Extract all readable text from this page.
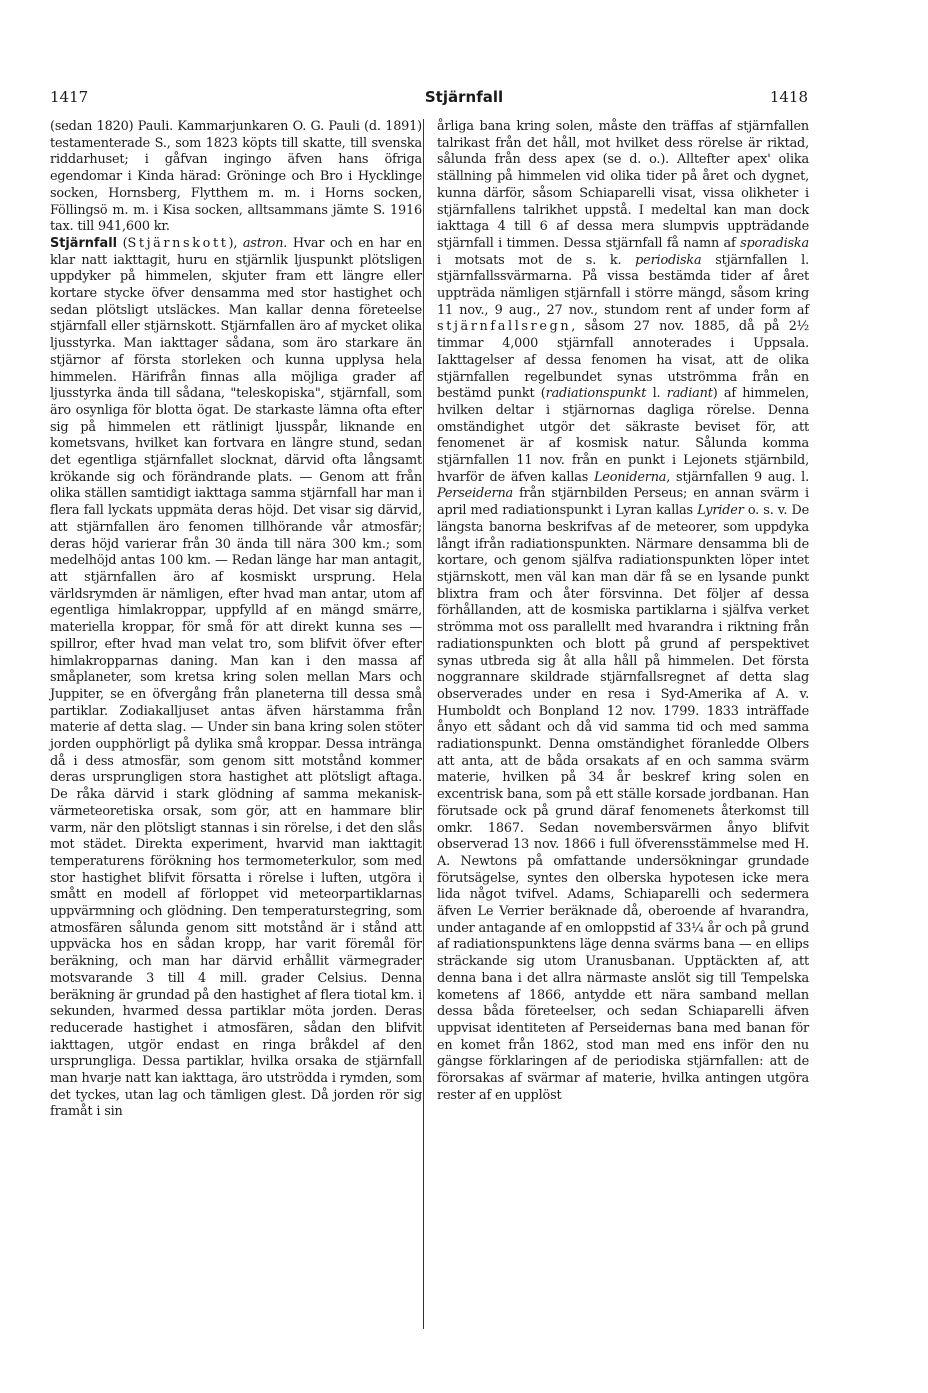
1417	Stjärnfall	1418

(sedan 1820) Pauli. Kammarjunkaren O. G. Pauli (d. 1891) testamenterade S., som 1823 köpts till skatte, till svenska riddarhuset; i gåfvan ingingo äfven hans öfriga egendomar i Kinda härad: Gröninge och Bro i Hycklinge socken, Hornsberg, Flytthem m. m. i Horns socken, Föllingsö m. m. i Kisa socken, alltsammans jämte S. 1916 tax. till 941,600 kr.

Stjärnfall (Stjärnskott), astron. Hvar och en har en klar natt iakttagit, huru en stjärnlik ljuspunkt plötsligen uppdyker på himmelen, skjuter fram ett längre eller kortare stycke öfver densamma med stor hastighet och sedan plötsligt utsläckes. Man kallar denna företeelse stjärnfall eller stjärnskott. Stjärnfallen äro af mycket olika ljusstyrka. Man iakttager sådana, som äro starkare än stjärnor af första storleken och kunna upplysa hela himmelen. Härifrån finnas alla möjliga grader af ljusstyrka ända till sådana, "teleskopiska", stjärnfall, som äro osynliga för blotta ögat. De starkaste lämna ofta efter sig på himmelen ett rätlinigt ljusspår, liknande en kometsvans, hvilket kan fortvara en längre stund, sedan det egentliga stjärnfallet slocknat, därvid ofta långsamt krökande sig och förändrande plats. — Genom att från olika ställen samtidigt iakttaga samma stjärnfall har man i flera fall lyckats uppmäta deras höjd. Det visar sig därvid, att stjärnfallen äro fenomen tillhörande vår atmosfär; deras höjd varierar från 30 ända till nära 300 km.; som medelhöjd antas 100 km. — Redan länge har man antagit, att stjärnfallen äro af kosmiskt ursprung. Hela världsrymden är nämligen, efter hvad man antar, utom af egentliga himlakroppar, uppfylld af en mängd smärre, materiella kroppar, för små för att direkt kunna ses — spillror, efter hvad man velat tro, som blifvit öfver efter himlakropparnas daning. Man kan i den massa af småplaneter, som kretsa kring solen mellan Mars och Juppiter, se en öfvergång från planeterna till dessa små partiklar. Zodiakalljuset antas äfven härstamma från materie af detta slag. — Under sin bana kring solen stöter jorden oupphörligt på dylika små kroppar. Dessa intränga då i dess atmosfär, som genom sitt motstånd kommer deras ursprungligen stora hastighet att plötsligt aftaga. De råka därvid i stark glödning af samma mekanisk-värmeteoretiska orsak, som gör, att en hammare blir varm, när den plötsligt stannas i sin rörelse, i det den slås mot städet. Direkta experiment, hvarvid man iakttagit temperaturens förökning hos termometerkulor, som med stor hastighet blifvit försatta i rörelse i luften, utgöra i smått en modell af förloppet vid meteorpartiklarnas uppvärmning och glödning. Den temperaturstegring, som atmosfären sålunda genom sitt motstånd är i stånd att uppväcka hos en sådan kropp, har varit föremål för beräkning, och man har därvid erhållit värmegrader motsvarande 3 till 4 mill. grader Celsius. Denna beräkning är grundad på den hastighet af flera tiotal km. i sekunden, hvarmed dessa partiklar möta jorden. Deras reducerade hastighet i atmosfären, sådan den blifvit iakttagen, utgör endast en ringa bråkdel af den ursprungliga. Dessa partiklar, hvilka orsaka de stjärnfall man hvarje natt kan iakttaga, äro utströdda i rymden, som det tyckes, utan lag och tämligen glest. Då jorden rör sig framåt i sin

årliga bana kring solen, måste den träffas af stjärnfallen talrikast från det håll, mot hvilket dess rörelse är riktad, sålunda från dess apex (se d. o.). Alltefter apex' olika ställning på himmelen vid olika tider på året och dygnet, kunna därför, såsom Schiaparelli visat, vissa olikheter i stjärnfallens talrikhet uppstå. I medeltal kan man dock iakttaga 4 till 6 af dessa mera slumpvis uppträdande stjärnfall i timmen. Dessa stjärnfall få namn af sporadiska i motsats mot de s. k. periodiska stjärnfallen l. stjärnfallssvärmarna. På vissa bestämda tider af året uppträda nämligen stjärnfall i större mängd, såsom kring 11 nov., 9 aug., 27 nov., stundom rent af under form af stjärnfallsregn, såsom 27 nov. 1885, då på 2½ timmar 4,000 stjärnfall annoterades i Uppsala. Iakttagelser af dessa fenomen ha visat, att de olika stjärnfallen regelbundet synas utströmma från en bestämd punkt (radiationspunkt l. radiant) af himmelen, hvilken deltar i stjärnornas dagliga rörelse. Denna omständighet utgör det säkraste beviset för, att fenomenet är af kosmisk natur. Sålunda komma stjärnfallen 11 nov. från en punkt i Lejonets stjärnbild, hvarför de äfven kallas Leoniderna, stjärnfallen 9 aug. l. Perseiderna från stjärnbilden Perseus; en annan svärm i april med radiationspunkt i Lyran kallas Lyrider o. s. v. De längsta banorna beskrifvas af de meteorer, som uppdyka långt ifrån radiationspunkten. Närmare densamma bli de kortare, och genom själfva radiationspunkten löper intet stjärnskott, men väl kan man där få se en lysande punkt blixtra fram och åter försvinna. Det följer af dessa förhållanden, att de kosmiska partiklarna i själfva verket strömma mot oss parallellt med hvarandra i riktning från radiationspunkten och blott på grund af perspektivet synas utbreda sig åt alla håll på himmelen. Det första noggrannare skildrade stjärnfallsregnet af detta slag observerades under en resa i Syd-Amerika af A. v. Humboldt och Bonpland 12 nov. 1799. 1833 inträffade ånyo ett sådant och då vid samma tid och med samma radiationspunkt. Denna omständighet föranledde Olbers att anta, att de båda orsakats af en och samma svärm materie, hvilken på 34 år beskref kring solen en excentrisk bana, som på ett ställe korsade jordbanan. Han förutsade ock på grund däraf fenomenets återkomst till omkr. 1867. Sedan novembersvärmen ånyo blifvit observerad 13 nov. 1866 i full öfverensstämmelse med H. A. Newtons på omfattande undersökningar grundade förutsägelse, syntes den olberska hypotesen icke mera lida något tvifvel. Adams, Schiaparelli och sedermera äfven Le Verrier beräknade då, oberoende af hvarandra, under antagande af en omloppstid af 33¼ år och på grund af radiationspunktens läge denna svärms bana — en ellips sträckande sig utom Uranusbanan. Upptäckten af, att denna bana i det allra närmaste anslöt sig till Tempelska kometens af 1866, antydde ett nära samband mellan dessa båda företeelser, och sedan Schiaparelli äfven uppvisat identiteten af Perseidernas bana med banan för en komet från 1862, stod man med ens inför den nu gängse förklaringen af de periodiska stjärnfallen: att de förorsakas af svärmar af materie, hvilka antingen utgöra rester af en upplöst
